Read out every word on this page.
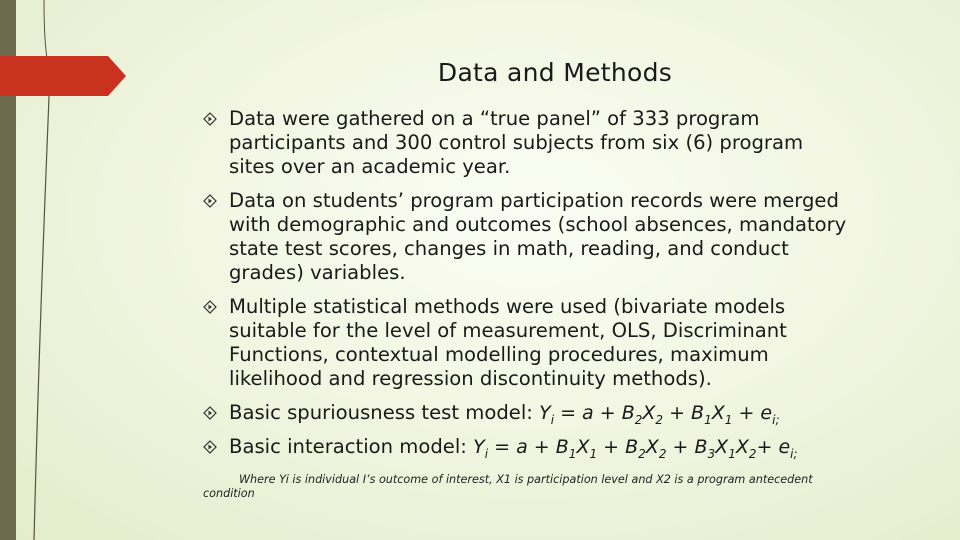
Data and Methods
Data were gathered on a “true panel” of 333 program participants and 300 control subjects from six (6) program sites over an academic year.
Data on students’ program participation records were merged with demographic and outcomes (school absences, mandatory state test scores, changes in math, reading, and conduct grades) variables.
Multiple statistical methods were used (bivariate models suitable for the level of measurement, OLS, Discriminant Functions, contextual modelling procedures, maximum likelihood and regression discontinuity methods).
Basic spuriousness test model: $Y_i = a + B_2X_2 + B_1X_1 + e_{i;}$
Basic interaction model: $Y_i = a + B_1X_1 + B_2X_2 + B_3X_1X_2+ e_{i;}$
Where Yi is individual I’s outcome of interest, X1 is participation level and X2 is a program antecedent condition
